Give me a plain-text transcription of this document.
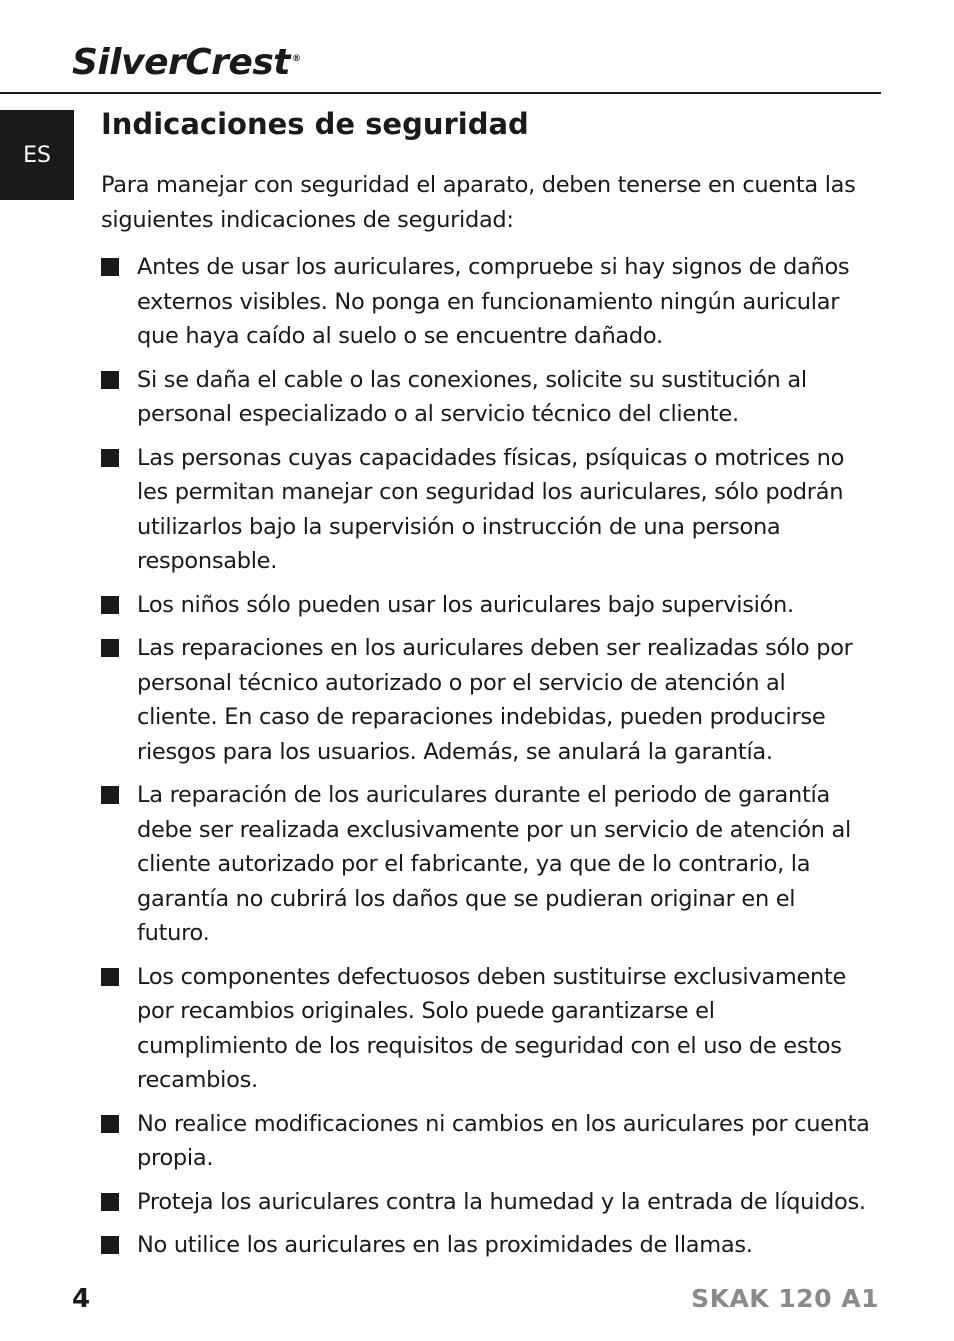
SilverCrest ®
ES
Indicaciones de seguridad

Para manejar con seguridad el aparato, deben tenerse en cuenta las siguientes indicaciones de seguridad:

Antes de usar los auriculares, compruebe si hay signos de daños externos visibles. No ponga en funcionamiento ningún auricular que haya caído al suelo o se encuentre dañado.
Si se daña el cable o las conexiones, solicite su sustitución al personal especializado o al servicio técnico del cliente.
Las personas cuyas capacidades físicas, psíquicas o motrices no les permitan manejar con seguridad los auriculares, sólo podrán utilizarlos bajo la supervisión o instrucción de una persona responsable.
Los niños sólo pueden usar los auriculares bajo supervisión.
Las reparaciones en los auriculares deben ser realizadas sólo por personal técnico autorizado o por el servicio de atención al cliente. En caso de reparaciones indebidas, pueden producirse riesgos para los usuarios. Además, se anulará la garantía.
La reparación de los auriculares durante el periodo de garantía debe ser realizada exclusivamente por un servicio de atención al cliente autorizado por el fabricante, ya que de lo contrario, la garantía no cubrirá los daños que se pudieran originar en el futuro.
Los componentes defectuosos deben sustituirse exclusivamente por recambios originales. Solo puede garantizarse el cumplimiento de los requisitos de seguridad con el uso de estos recambios.
No realice modificaciones ni cambios en los auriculares por cuenta propia.
Proteja los auriculares contra la humedad y la entrada de líquidos.
No utilice los auriculares en las proximidades de llamas.
4	SKAK 120 A1
